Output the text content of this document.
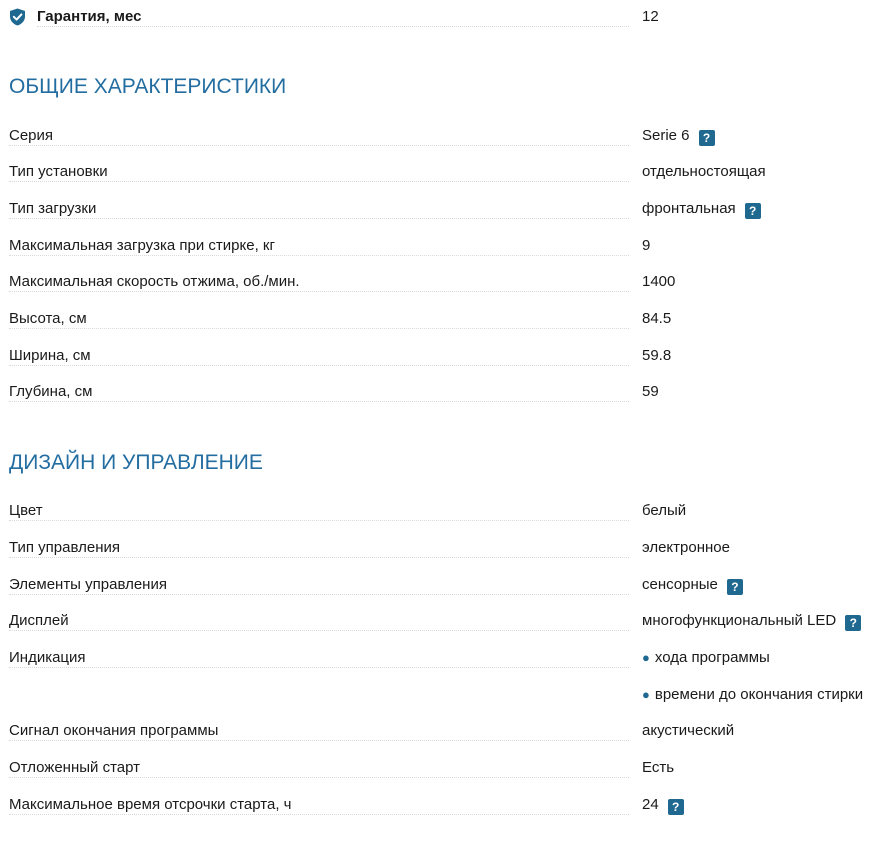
Гарантия, мес	12
ОБЩИЕ ХАРАКТЕРИСТИКИ
Серия	Serie 6 ?
Тип установки	отдельностоящая
Тип загрузки	фронтальная ?
Максимальная загрузка при стирке, кг	9
Максимальная скорость отжима, об./мин.	1400
Высота, см	84.5
Ширина, см	59.8
Глубина, см	59
ДИЗАЙН И УПРАВЛЕНИЕ
Цвет	белый
Тип управления	электронное
Элементы управления	сенсорные ?
Дисплей	многофункциональный LED ?
Индикация	● хода программы
● времени до окончания стирки
Сигнал окончания программы	акустический
Отложенный старт	Есть
Максимальное время отсрочки старта, ч	24 ?
